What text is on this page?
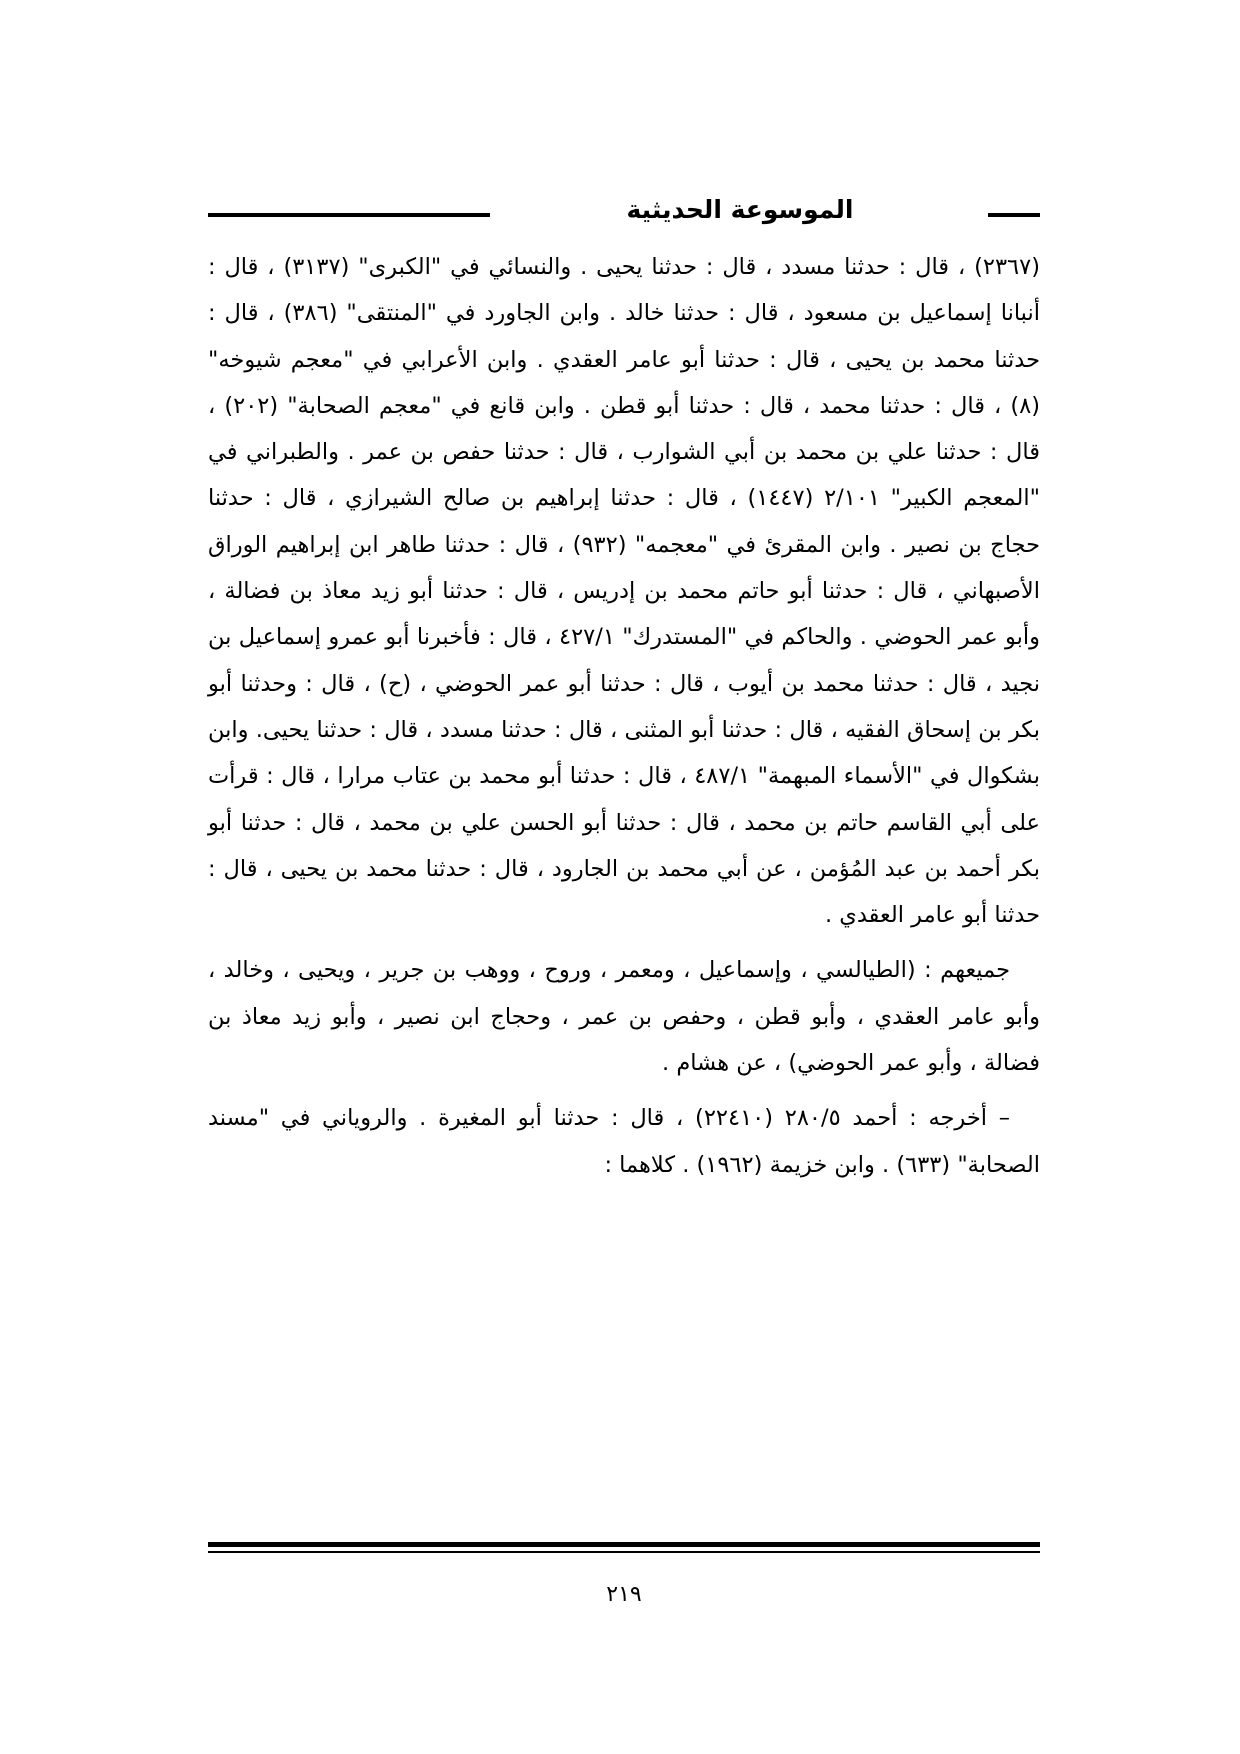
الموسوعة الحديثية

(٢٣٦٧) ، قال : حدثنا مسدد ، قال : حدثنا يحيى . والنسائي في "الكبرى" (٣١٣٧) ، قال : أنبانا إسماعيل بن مسعود ، قال : حدثنا خالد . وابن الجاورد في "المنتقى" (٣٨٦) ، قال : حدثنا محمد بن يحيى ، قال : حدثنا أبو عامر العقدي . وابن الأعرابي في "معجم شيوخه" (٨) ، قال : حدثنا محمد ، قال : حدثنا أبو قطن . وابن قانع في "معجم الصحابة" (٢٠٢) ، قال : حدثنا علي بن محمد بن أبي الشوارب ، قال : حدثنا حفص بن عمر . والطبراني في "المعجم الكبير" ٢/١٠١ (١٤٤٧) ، قال : حدثنا إبراهيم بن صالح الشيرازي ، قال : حدثنا حجاج بن نصير . وابن المقرئ في "معجمه" (٩٣٢) ، قال : حدثنا طاهر ابن إبراهيم الوراق الأصبهاني ، قال : حدثنا أبو حاتم محمد بن إدريس ، قال : حدثنا أبو زيد معاذ بن فضالة ، وأبو عمر الحوضي . والحاكم في "المستدرك" ٤٢٧/١ ، قال : فأخبرنا أبو عمرو إسماعيل بن نجيد ، قال : حدثنا محمد بن أيوب ، قال : حدثنا أبو عمر الحوضي ، (ح) ، قال : وحدثنا أبو بكر بن إسحاق الفقيه ، قال : حدثنا أبو المثنى ، قال : حدثنا مسدد ، قال : حدثنا يحيى. وابن بشكوال في "الأسماء المبهمة" ٤٨٧/١ ، قال : حدثنا أبو محمد بن عتاب مرارا ، قال : قرأت على أبي القاسم حاتم بن محمد ، قال : حدثنا أبو الحسن علي بن محمد ، قال : حدثنا أبو بكر أحمد بن عبد المُؤمن ، عن أبي محمد بن الجارود ، قال : حدثنا محمد بن يحيى ، قال : حدثنا أبو عامر العقدي .

جميعهم : (الطيالسي ، وإسماعيل ، ومعمر ، وروح ، ووهب بن جرير ، ويحيى ، وخالد ، وأبو عامر العقدي ، وأبو قطن ، وحفص بن عمر ، وحجاج ابن نصير ، وأبو زيد معاذ بن فضالة ، وأبو عمر الحوضي) ، عن هشام .

– أخرجه : أحمد ٢٨٠/٥ (٢٢٤١٠) ، قال : حدثنا أبو المغيرة . والروياني في "مسند الصحابة" (٦٣٣) . وابن خزيمة (١٩٦٢) . كلاهما :

٢١٩
